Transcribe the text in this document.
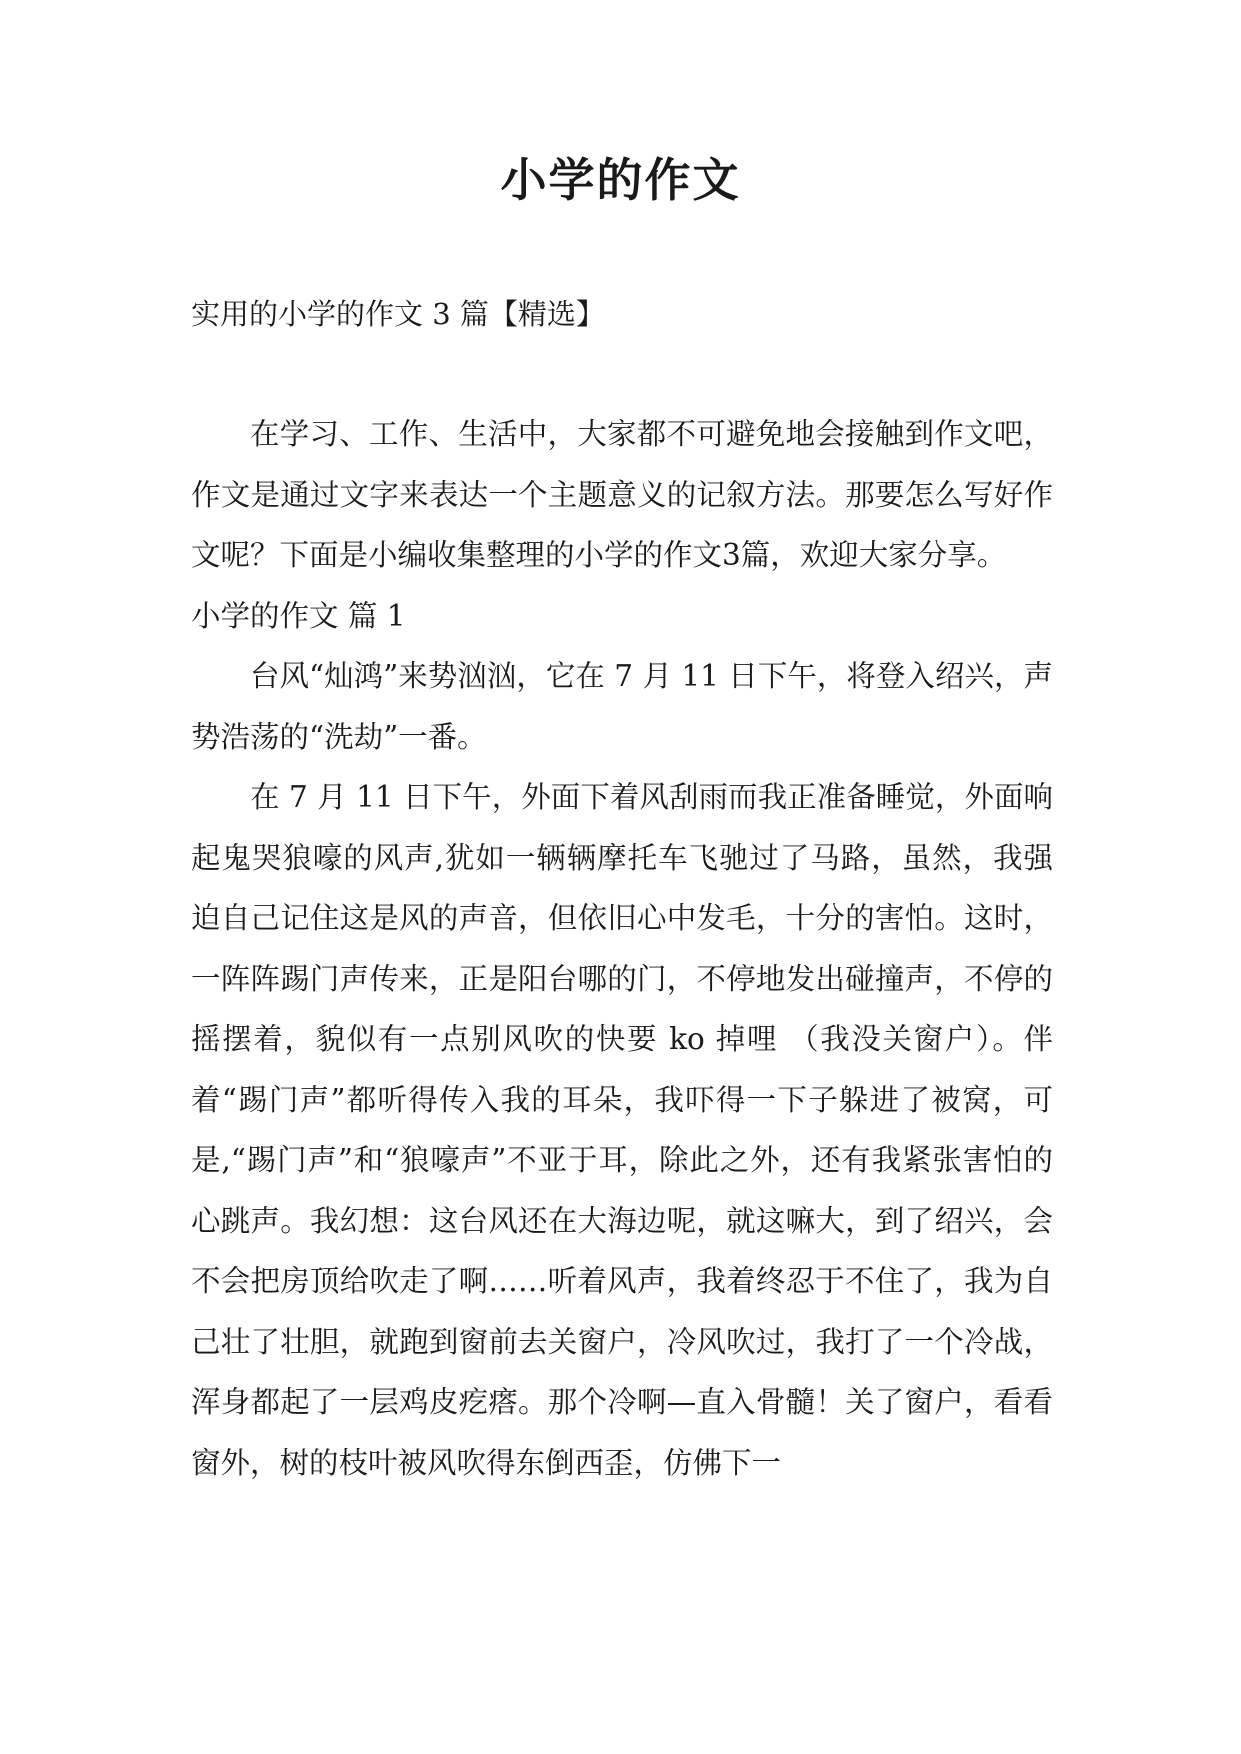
小学的作文
实用的小学的作文 3 篇【精选】

在学习、工作、生活中，大家都不可避免地会接触到作文吧，作文是通过文字来表达一个主题意义的记叙方法。那要怎么写好作文呢？下面是小编收集整理的小学的作文3篇，欢迎大家分享。

小学的作文 篇 1

台风“灿鸿”来势汹汹，它在 7 月 11 日下午，将登入绍兴，声势浩荡的“洗劫”一番。

在 7 月 11 日下午，外面下着风刮雨而我正准备睡觉，外面响起鬼哭狼嚎的风声,犹如一辆辆摩托车飞驰过了马路，虽然，我强迫自己记住这是风的声音，但依旧心中发毛，十分的害怕。这时，一阵阵踢门声传来，正是阳台哪的门，不停地发出碰撞声，不停的摇摆着，貌似有一点别风吹的快要 ko 掉哩 （我没关窗户）。伴着“踢门声”都听得传入我的耳朵，我吓得一下子躲进了被窝，可是,“踢门声”和“狼嚎声”不亚于耳，除此之外，还有我紧张害怕的心跳声。我幻想：这台风还在大海边呢，就这嘛大，到了绍兴，会不会把房顶给吹走了啊……听着风声，我着终忍于不住了，我为自己壮了壮胆，就跑到窗前去关窗户，冷风吹过，我打了一个冷战，浑身都起了一层鸡皮疙瘩。那个冷啊—直入骨髓！关了窗户，看看窗外，树的枝叶被风吹得东倒西歪，仿佛下一
